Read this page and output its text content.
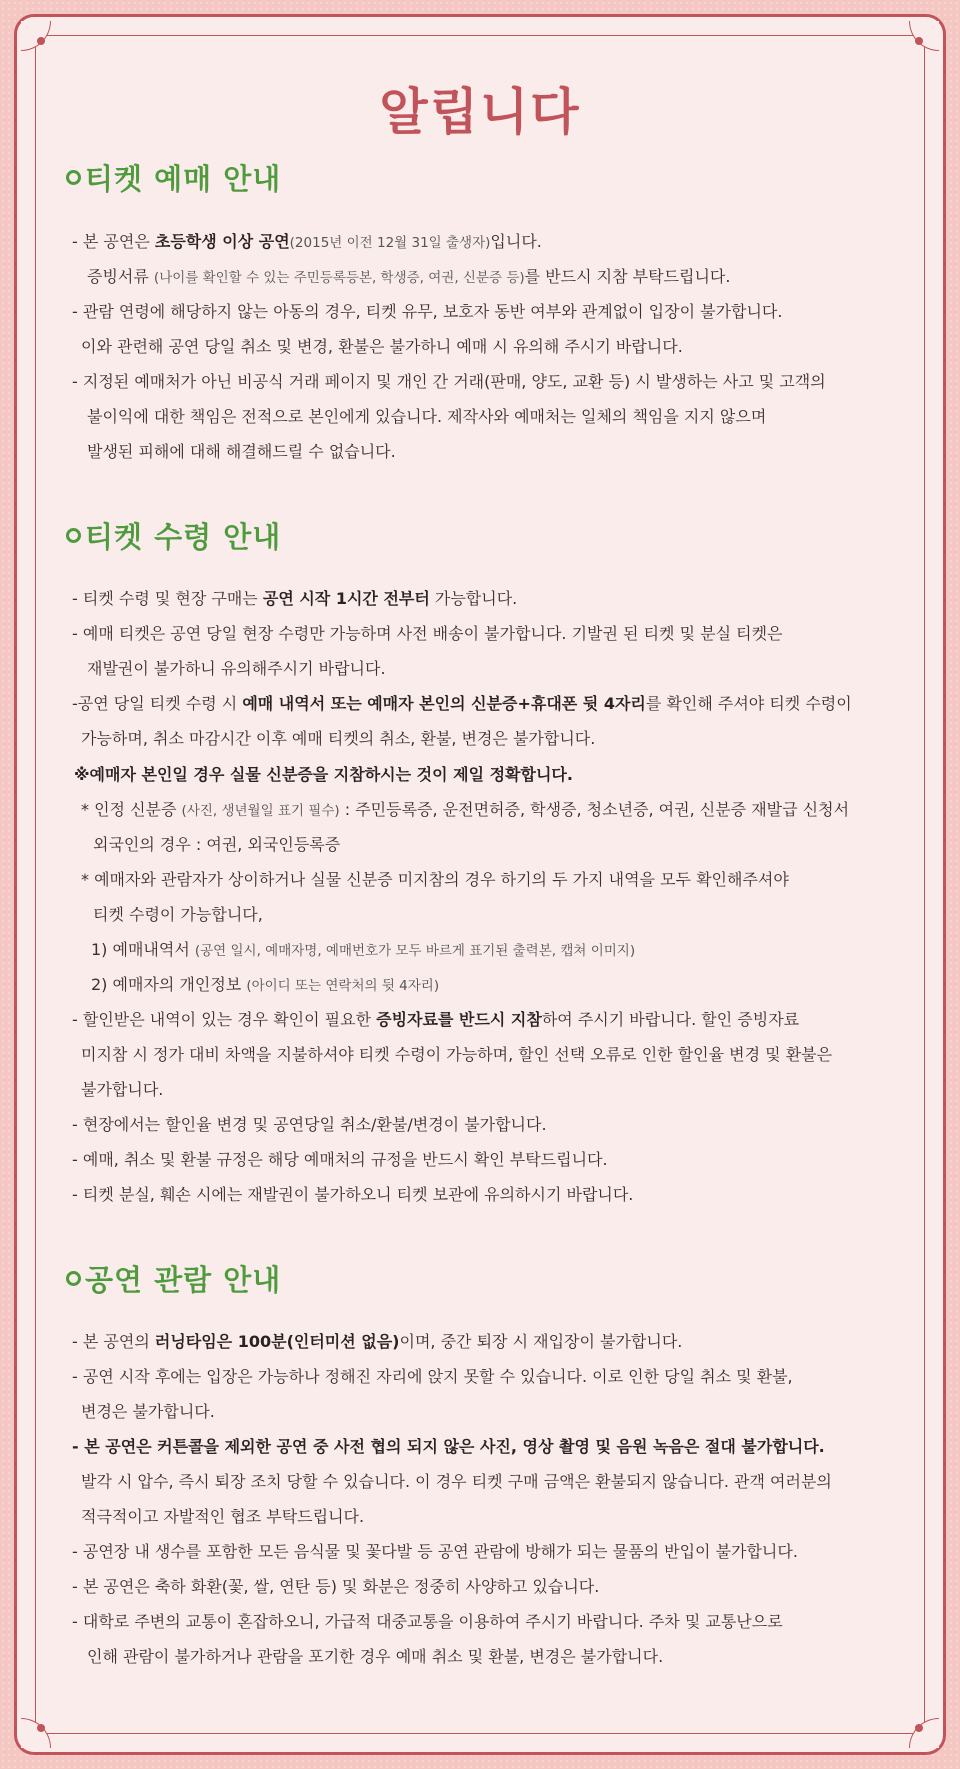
알립니다
티켓 예매 안내
- 본 공연은 초등학생 이상 공연(2015년 이전 12월 31일 출생자)입니다.
증빙서류 (나이를 확인할 수 있는 주민등록등본, 학생증, 여권, 신분증 등)를 반드시 지참 부탁드립니다.
- 관람 연령에 해당하지 않는 아동의 경우, 티켓 유무, 보호자 동반 여부와 관계없이 입장이 불가합니다.
이와 관련해 공연 당일 취소 및 변경, 환불은 불가하니 예매 시 유의해 주시기 바랍니다.
- 지정된 예매처가 아닌 비공식 거래 페이지 및 개인 간 거래(판매, 양도, 교환 등) 시 발생하는 사고 및 고객의
불이익에 대한 책임은 전적으로 본인에게 있습니다. 제작사와 예매처는 일체의 책임을 지지 않으며
발생된 피해에 대해 해결해드릴 수 없습니다.
티켓 수령 안내
- 티켓 수령 및 현장 구매는 공연 시작 1시간 전부터 가능합니다.
- 예매 티켓은 공연 당일 현장 수령만 가능하며 사전 배송이 불가합니다. 기발권 된 티켓 및 분실 티켓은
재발권이 불가하니 유의해주시기 바랍니다.
-공연 당일 티켓 수령 시 예매 내역서 또는 예매자 본인의 신분증+휴대폰 뒷 4자리를 확인해 주셔야 티켓 수령이
가능하며, 취소 마감시간 이후 예매 티켓의 취소, 환불, 변경은 불가합니다.
※예매자 본인일 경우 실물 신분증을 지참하시는 것이 제일 정확합니다.
* 인정 신분증 (사진, 생년월일 표기 필수) : 주민등록증, 운전면허증, 학생증, 청소년증, 여권, 신분증 재발급 신청서
외국인의 경우 : 여권, 외국인등록증
* 예매자와 관람자가 상이하거나 실물 신분증 미지참의 경우 하기의 두 가지 내역을 모두 확인해주셔야
티켓 수령이 가능합니다,
1) 예매내역서 (공연 일시, 예매자명, 예매번호가 모두 바르게 표기된 출력본, 캡쳐 이미지)
2) 예매자의 개인정보 (아이디 또는 연락처의 뒷 4자리)
- 할인받은 내역이 있는 경우 확인이 필요한 증빙자료를 반드시 지참하여 주시기 바랍니다. 할인 증빙자료
미지참 시 정가 대비 차액을 지불하셔야 티켓 수령이 가능하며, 할인 선택 오류로 인한 할인율 변경 및 환불은
불가합니다.
- 현장에서는 할인율 변경 및 공연당일 취소/환불/변경이 불가합니다.
- 예매, 취소 및 환불 규정은 해당 예매처의 규정을 반드시 확인 부탁드립니다.
- 티켓 분실, 훼손 시에는 재발권이 불가하오니 티켓 보관에 유의하시기 바랍니다.
공연 관람 안내
- 본 공연의 러닝타임은 100분(인터미션 없음)이며, 중간 퇴장 시 재입장이 불가합니다.
- 공연 시작 후에는 입장은 가능하나 정해진 자리에 앉지 못할 수 있습니다. 이로 인한 당일 취소 및 환불,
변경은 불가합니다.
- 본 공연은 커튼콜을 제외한 공연 중 사전 협의 되지 않은 사진, 영상 촬영 및 음원 녹음은 절대 불가합니다.
발각 시 압수, 즉시 퇴장 조치 당할 수 있습니다. 이 경우 티켓 구매 금액은 환불되지 않습니다. 관객 여러분의
적극적이고 자발적인 협조 부탁드립니다.
- 공연장 내 생수를 포함한 모든 음식물 및 꽃다발 등 공연 관람에 방해가 되는 물품의 반입이 불가합니다.
- 본 공연은 축하 화환(꽃, 쌀, 연탄 등) 및 화분은 정중히 사양하고 있습니다.
- 대학로 주변의 교통이 혼잡하오니, 가급적 대중교통을 이용하여 주시기 바랍니다. 주차 및 교통난으로
인해 관람이 불가하거나 관람을 포기한 경우 예매 취소 및 환불, 변경은 불가합니다.
